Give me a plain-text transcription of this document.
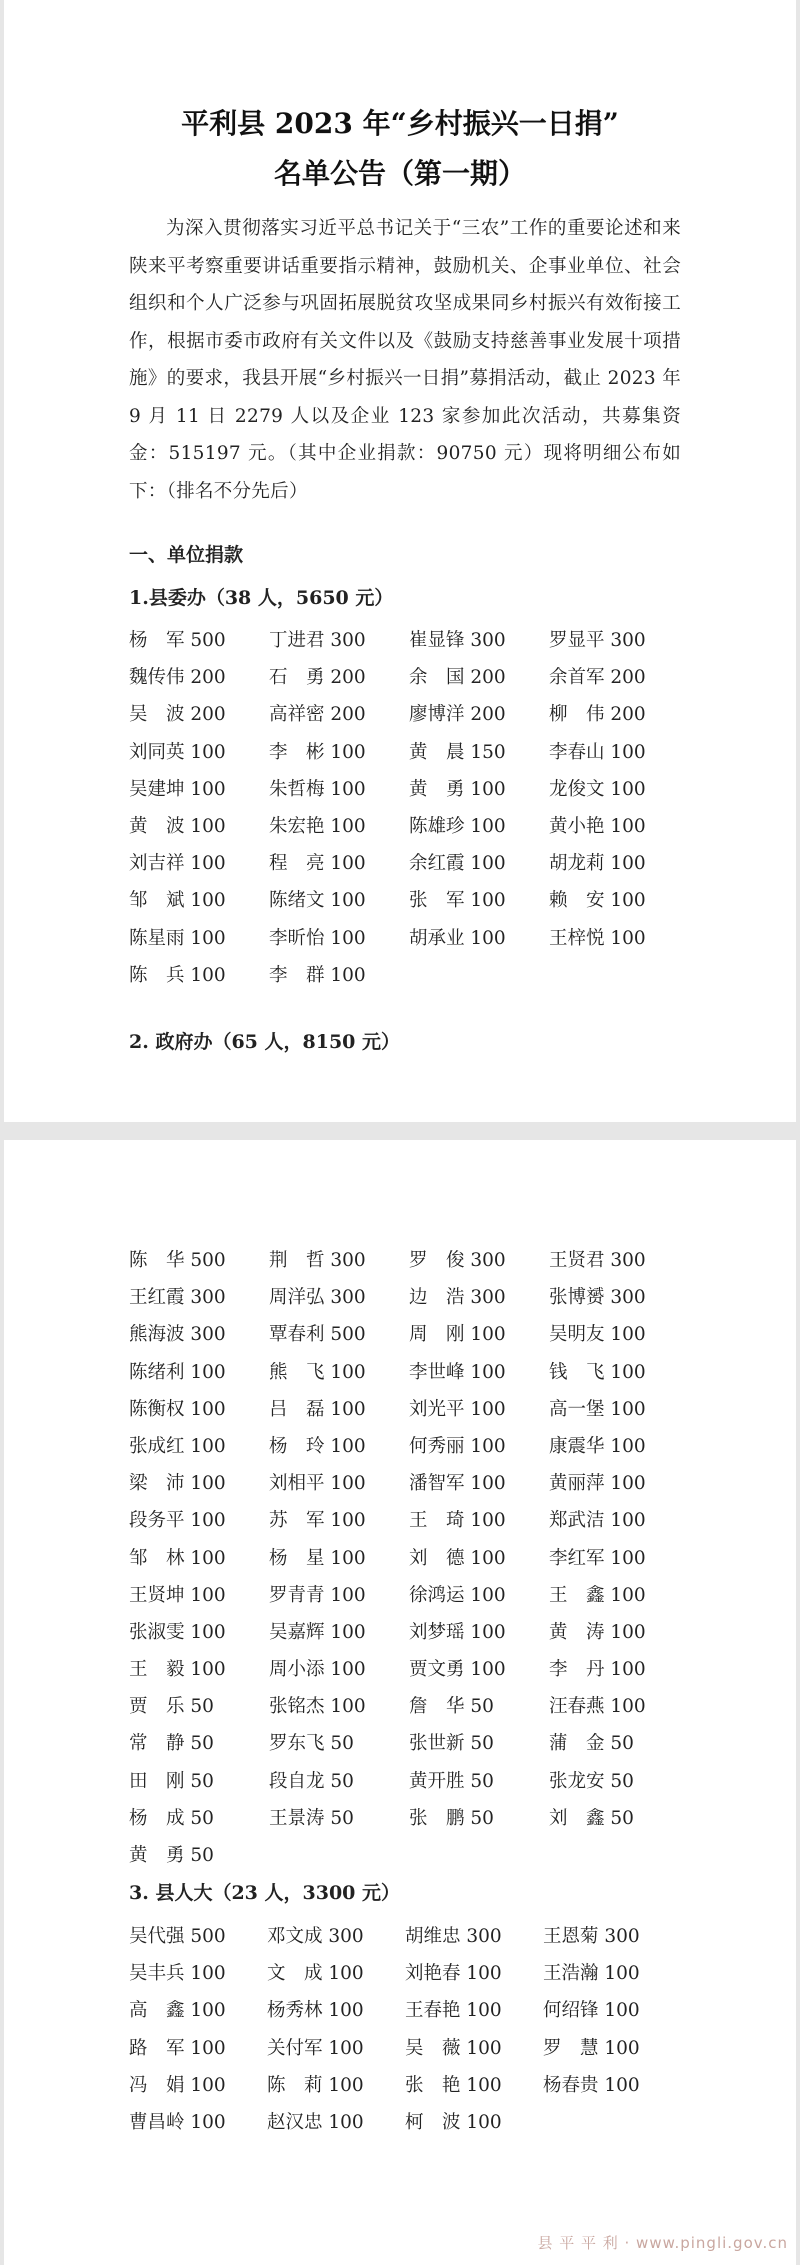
平利县 2023 年“乡村振兴一日捐”
名单公告（第一期）
为深入贯彻落实习近平总书记关于“三农”工作的重要论述和来陕来平考察重要讲话重要指示精神，鼓励机关、企事业单位、社会组织和个人广泛参与巩固拓展脱贫攻坚成果同乡村振兴有效衔接工作，根据市委市政府有关文件以及《鼓励支持慈善事业发展十项措施》的要求，我县开展“乡村振兴一日捐”募捐活动，截止 2023 年 9 月 11 日 2279 人以及企业 123 家参加此次活动，共募集资金：515197 元。（其中企业捐款：90750 元）现将明细公布如下：（排名不分先后）
一、单位捐款
1.县委办（38 人，5650 元）
杨　军 500	丁进君 300	崔显锋 300	罗显平 300
魏传伟 200	石　勇 200	余　国 200	余首军 200
吴　波 200	高祥密 200	廖博洋 200	柳　伟 200
刘同英 100	李　彬 100	黄　晨 150	李春山 100
吴建坤 100	朱哲梅 100	黄　勇 100	龙俊文 100
黄　波 100	朱宏艳 100	陈雄珍 100	黄小艳 100
刘吉祥 100	程　亮 100	余红霞 100	胡龙莉 100
邹　斌 100	陈绪文 100	张　军 100	赖　安 100
陈星雨 100	李昕怡 100	胡承业 100	王梓悦 100
陈　兵 100	李　群 100
2. 政府办（65 人，8150 元）
陈　华 500	荆　哲 300	罗　俊 300	王贤君 300
王红霞 300	周洋弘 300	边　浩 300	张博赟 300
熊海波 300	覃春利 500	周　刚 100	吴明友 100
陈绪利 100	熊　飞 100	李世峰 100	钱　飞 100
陈衡权 100	吕　磊 100	刘光平 100	高一堡 100
张成红 100	杨　玲 100	何秀丽 100	康震华 100
梁　沛 100	刘相平 100	潘智军 100	黄丽萍 100
段务平 100	苏　军 100	王　琦 100	郑武洁 100
邹　林 100	杨　星 100	刘　德 100	李红军 100
王贤坤 100	罗青青 100	徐鸿运 100	王　鑫 100
张淑雯 100	吴嘉辉 100	刘梦瑶 100	黄　涛 100
王　毅 100	周小添 100	贾文勇 100	李　丹 100
贾　乐 50	张铭杰 100	詹　华 50	汪春燕 100
常　静 50	罗东飞 50	张世新 50	蒲　金 50
田　刚 50	段自龙 50	黄开胜 50	张龙安 50
杨　成 50	王景涛 50	张　鹏 50	刘　鑫 50
黄　勇 50
3. 县人大（23 人，3300 元）
吴代强 500	邓文成 300	胡维忠 300	王恩菊 300
吴丰兵 100	文　成 100	刘艳春 100	王浩瀚 100
高　鑫 100	杨秀林 100	王春艳 100	何绍锋 100
路　军 100	关付军 100	吴　薇 100	罗　慧 100
冯　娟 100	陈　莉 100	张　艳 100	杨春贵 100
曹昌岭 100	赵汉忠 100	柯　波 100
县 平 平 利 · www.pingli.gov.cn
